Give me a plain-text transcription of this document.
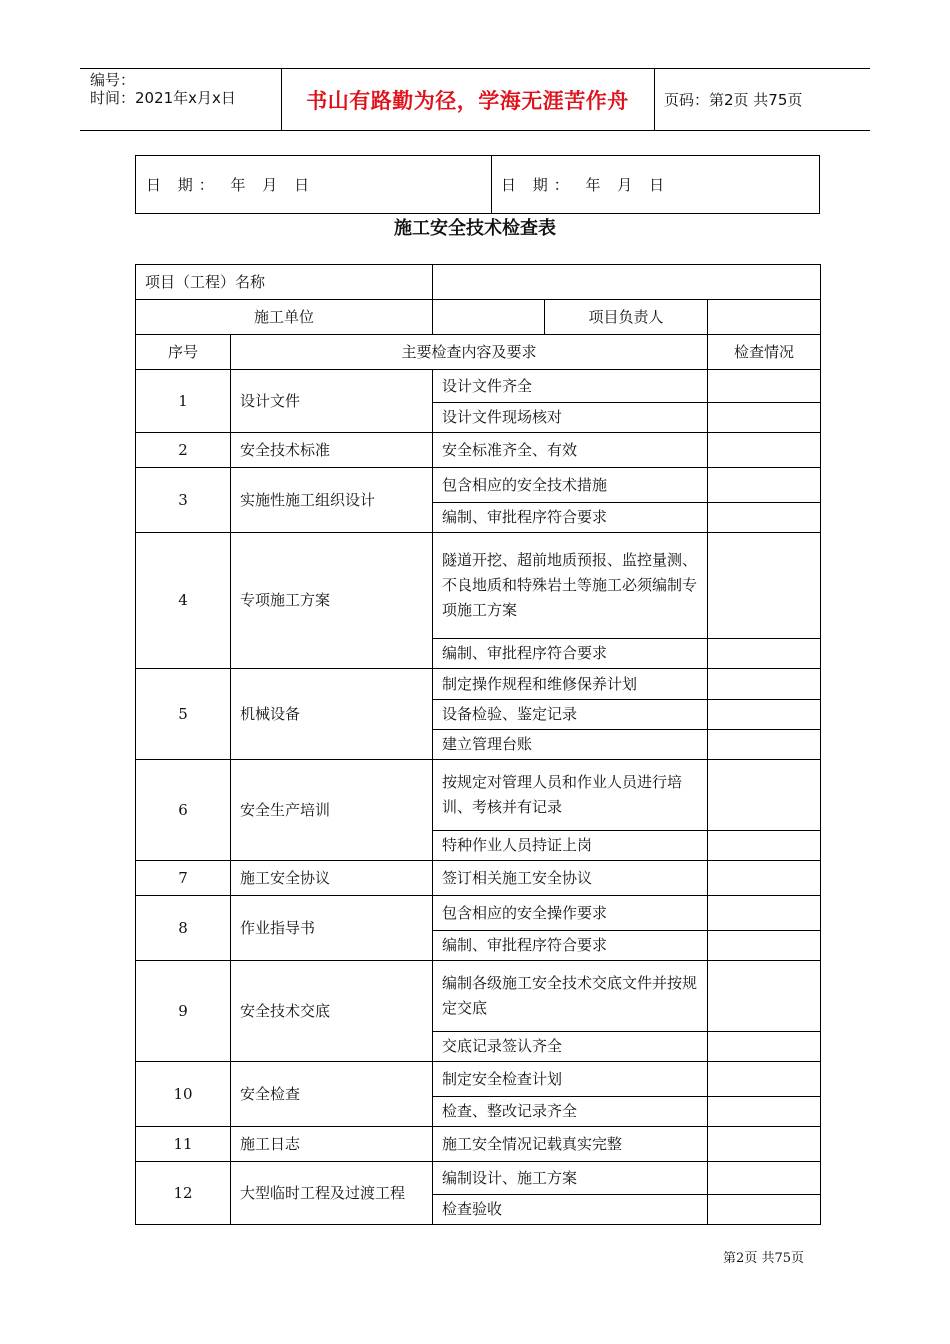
编号：
时间：2021年x月x日	书山有路勤为径，学海无涯苦作舟	页码：第2页 共75页
日 期： 年 月 日	日 期： 年 月 日
施工安全技术检查表
项目（工程）名称				
施工单位			项目负责人	
序号	主要检查内容及要求			检查情况
1	设计文件	设计文件齐全		
		设计文件现场核对		
2	安全技术标准	安全标准齐全、有效		
3	实施性施工组织设计	包含相应的安全技术措施		
		编制、审批程序符合要求		
4	专项施工方案	隧道开挖、超前地质预报、监控量测、不良地质和特殊岩土等施工必须编制专项施工方案		
		编制、审批程序符合要求		
5	机械设备	制定操作规程和维修保养计划		
		设备检验、鉴定记录		
		建立管理台账		
6	安全生产培训	按规定对管理人员和作业人员进行培训、考核并有记录		
		特种作业人员持证上岗		
7	施工安全协议	签订相关施工安全协议		
8	作业指导书	包含相应的安全操作要求		
		编制、审批程序符合要求		
9	安全技术交底	编制各级施工安全技术交底文件并按规定交底		
		交底记录签认齐全		
10	安全检查	制定安全检查计划		
		检查、整改记录齐全		
11	施工日志	施工安全情况记载真实完整		
12	大型临时工程及过渡工程	编制设计、施工方案		
		检查验收		
第2页 共75页
